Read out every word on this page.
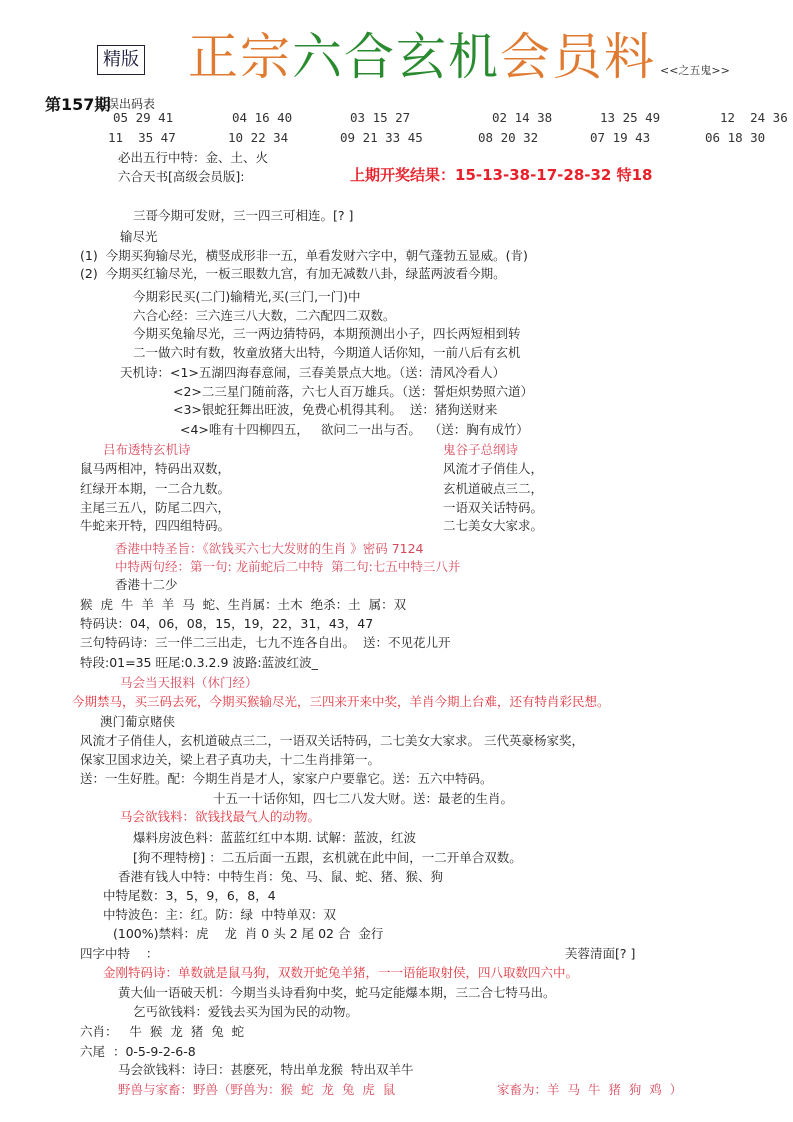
精版 正宗六合玄机会员料 <<之五鬼>>
第157期
无误出码表
上期开奖结果：15-13-38-17-28-32 特18
05 29 41	04 16 40	03 15 27	02 14 38	13 25 49	12  24 36
11  35 47	10 22 34	09 21 33 45	08 20 32	07 19 43	06 18 30
必出五行中特：金、土、火
六合天书[高级会员版]:
三哥今期可发财，三一四三可相连。[? ]
输尽光
(1)  今期买狗输尽光，横竖成形非一五，单看发财六字中，朝气蓬勃五显威。(肯)
(2)  今期买红输尽光，一板三眼数九宫，有加无减数八卦，绿蓝两波看今期。
今期彩民买(二门)输精光,买(三门,一门)中
六合心经：三六连三八大数，二六配四二双数。
今期买兔输尽光，三一两边猜特码，本期预测出小子，四长两短相到转
二一做六时有数，牧童放猪大出特，今期道人话你知，一前八后有玄机
天机诗：<1>五湖四海春意闹，三春美景点大地。（送：清风冷看人）
<2>二三星门随前落，六七人百万雄兵。（送：誓炬炽势照六道）
<3>银蛇狂舞出旺波，免费心机得其利。  送：猪狗送财来
<4>唯有十四柳四五，   欲问二一出与否。  （送：胸有成竹）
吕布透特玄机诗	鬼谷子总纲诗
香港中特圣旨：《欲钱买六七大发财的生肖 》密码 7124
中特两句经：第一句: 龙前蛇后二中特  第二句:七五中特三八并
香港十二少
猴  虎  牛  羊  羊  马  蛇、生肖属：土木  绝杀：土  属：双
特码诀：04，06，08，15，19，22，31，43，47
三句特码诗：三一伴二三出走，七九不连各自出。  送：不见花儿开
特段:01=35 旺尾:0.3.2.9 波路:蓝波红波_
马会当天报料（休门经）
今期禁马，买三码去死，今期买猴输尽光，三四来开来中奖，羊肖今期上台难，还有特肖彩民想。
澳门葡京赌侠
风流才子俏佳人，玄机道破点三二，一语双关话特码，二七美女大家求。 三代英豪杨家奖，
保家卫国求边关，梁上君子真功夫，十二生肖排第一。
送：一生好胜。配：今期生肖是才人，家家户户要靠它。送：五六中特码。
十五一十话你知，四七二八发大财。送：最老的生肖。
马会欲钱料：欲钱找最气人的动物。
爆料房波色料：蓝蓝红红中本期. 试解：蓝波，红波
[狗不理特榜] ：二五后面一五跟，玄机就在此中间，一二开单合双数。
香港有钱人中特：中特生肖：兔、马、鼠、蛇、猪、猴、狗
中特尾数：3，5，9，6，8，4
中特波色：主：红。防：绿  中特单双：双
(100%)禁料：虎    龙  肖 0 头 2 尾 02 合  金行
四字中特    ：	芙蓉清面[? ]
金刚特码诗：单数就是鼠马狗，双数开蛇兔羊猪，一一语能取射侯，四八取数四六中。
黄大仙一语破天机：今期当头诗看狗中奖，蛇马定能爆本期，三二合七特马出。
乞丐欲钱料：爱钱去买为国为民的动物。
六肖：   牛  猴  龙  猪  兔  蛇
六尾  ：0-5-9-2-6-8
马会欲钱料：诗曰：甚麽死，特出单龙猴  特出双羊牛
野兽与家畜：野兽（野兽为：猴  蛇  龙  兔  虎  鼠	家畜为：羊  马  牛  猪  狗  鸡  ）
鼠马两相冲，特码出双数，	风流才子俏佳人，
红绿开本期，一二合九数。	玄机道破点三二，
主尾三五八，防尾二四六，	一语双关话特码。
牛蛇来开特，四四组特码。	二七美女大家求。
